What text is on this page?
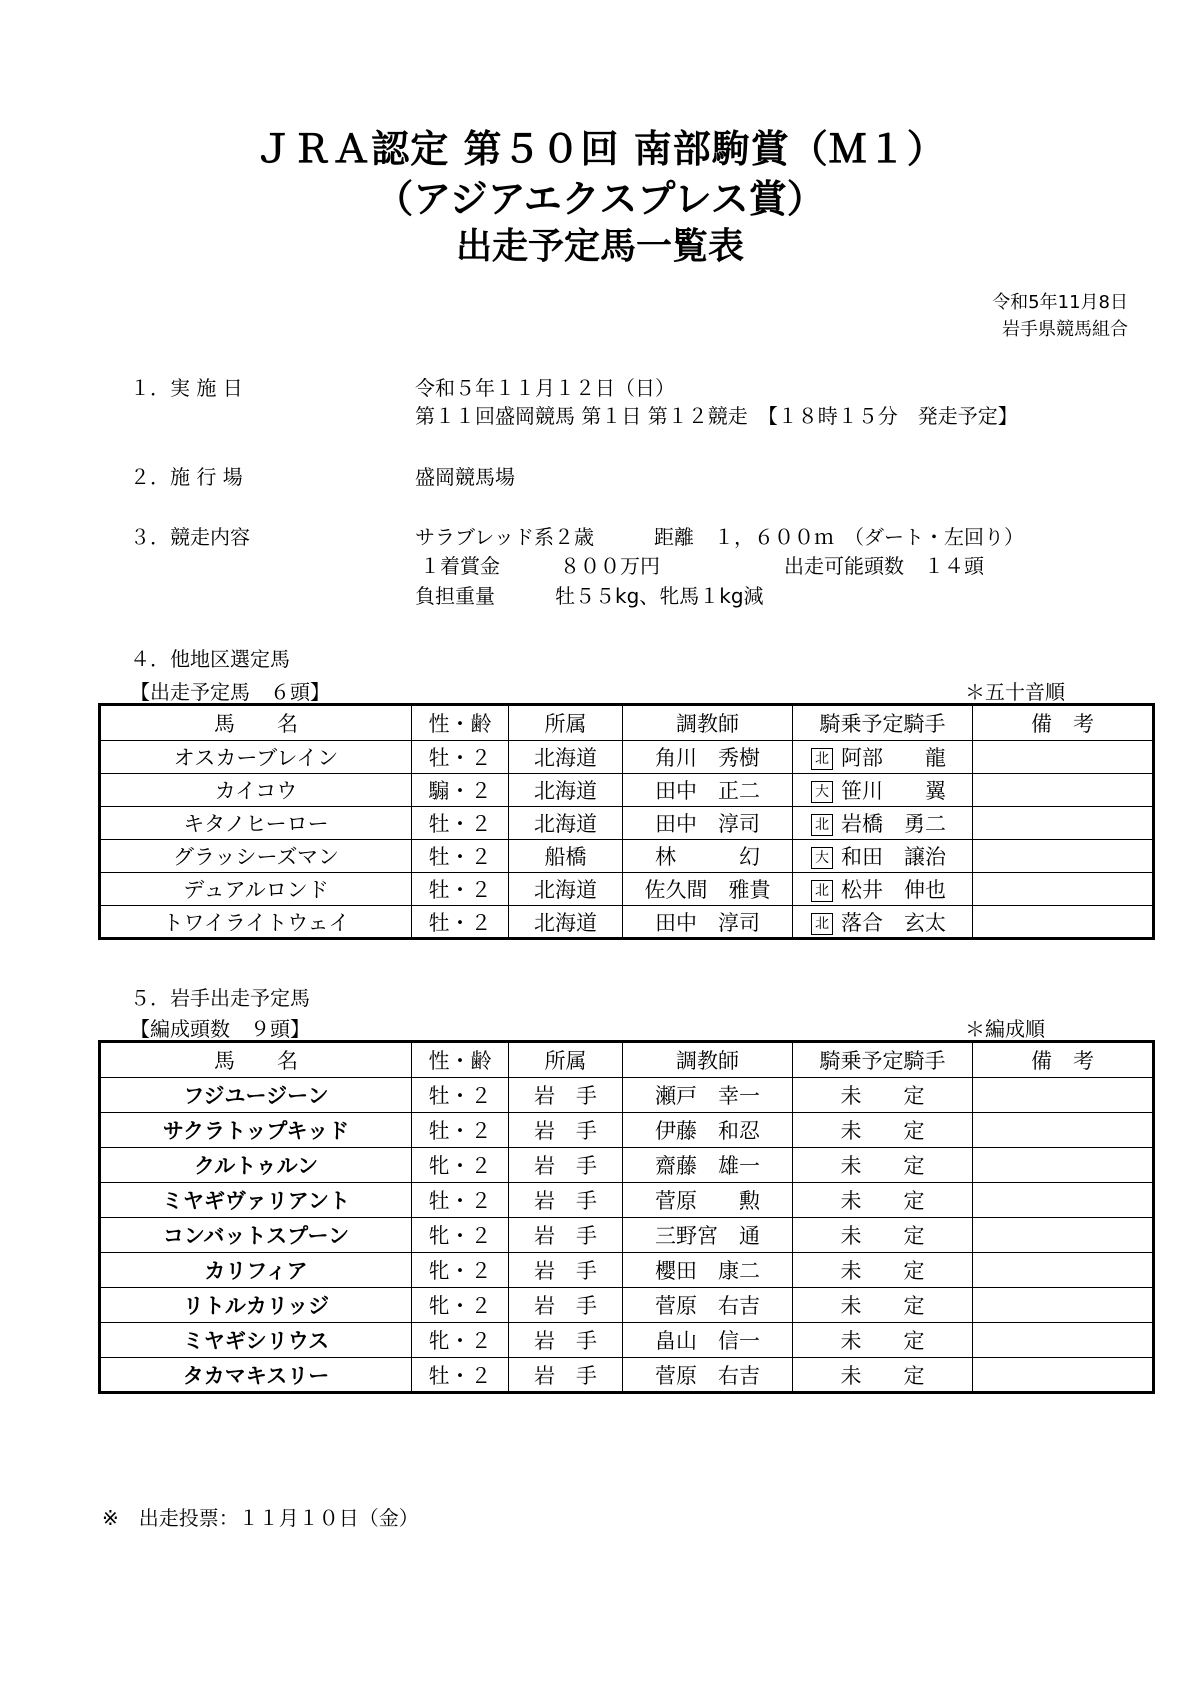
ＪＲＡ認定 第５０回 南部駒賞（Ｍ１）
（アジアエクスプレス賞）
出走予定馬一覧表
令和5年11月8日
岩手県競馬組合
１．実 施 日	令和５年１１月１２日（日）
第１１回盛岡競馬 第１日 第１２競走　【１８時１５分　発走予定】
２．施 行 場	盛岡競馬場
３．競走内容	サラブレッド系２歳　　　距離　１，６００ｍ　（ダート・左回り）
１着賞金　　　８００万円	出走可能頭数　１４頭
負担重量　　　牡５５kg、牝馬１kg減
４．他地区選定馬
【出走予定馬　６頭】	＊五十音順
馬　　名	性・齢	所属	調教師	騎乗予定騎手	備　考
オスカーブレイン	牡・２	北海道	角川　秀樹	北 阿部　　龍	
カイコウ	騸・２	北海道	田中　正二	大 笹川　　翼	
キタノヒーロー	牡・２	北海道	田中　淳司	北 岩橋　勇二	
グラッシーズマン	牡・２	船橋	林　　　幻	大 和田　譲治	
デュアルロンド	牡・２	北海道	佐久間　雅貴	北 松井　伸也	
トワイライトウェイ	牡・２	北海道	田中　淳司	北 落合　玄太	
５．岩手出走予定馬
【編成頭数　９頭】	＊編成順
馬　　名	性・齢	所属	調教師	騎乗予定騎手	備　考
フジユージーン	牡・２	岩　手	瀬戸　幸一	未　　定	
サクラトップキッド	牡・２	岩　手	伊藤　和忍	未　　定	
クルトゥルン	牝・２	岩　手	齋藤　雄一	未　　定	
ミヤギヴァリアント	牡・２	岩　手	菅原　　勲	未　　定	
コンバットスプーン	牝・２	岩　手	三野宮　通	未　　定	
カリフィア	牝・２	岩　手	櫻田　康二	未　　定	
リトルカリッジ	牝・２	岩　手	菅原　右吉	未　　定	
ミヤギシリウス	牝・２	岩　手	畠山　信一	未　　定	
タカマキスリー	牡・２	岩　手	菅原　右吉	未　　定	
※　出走投票：１１月１０日（金）
